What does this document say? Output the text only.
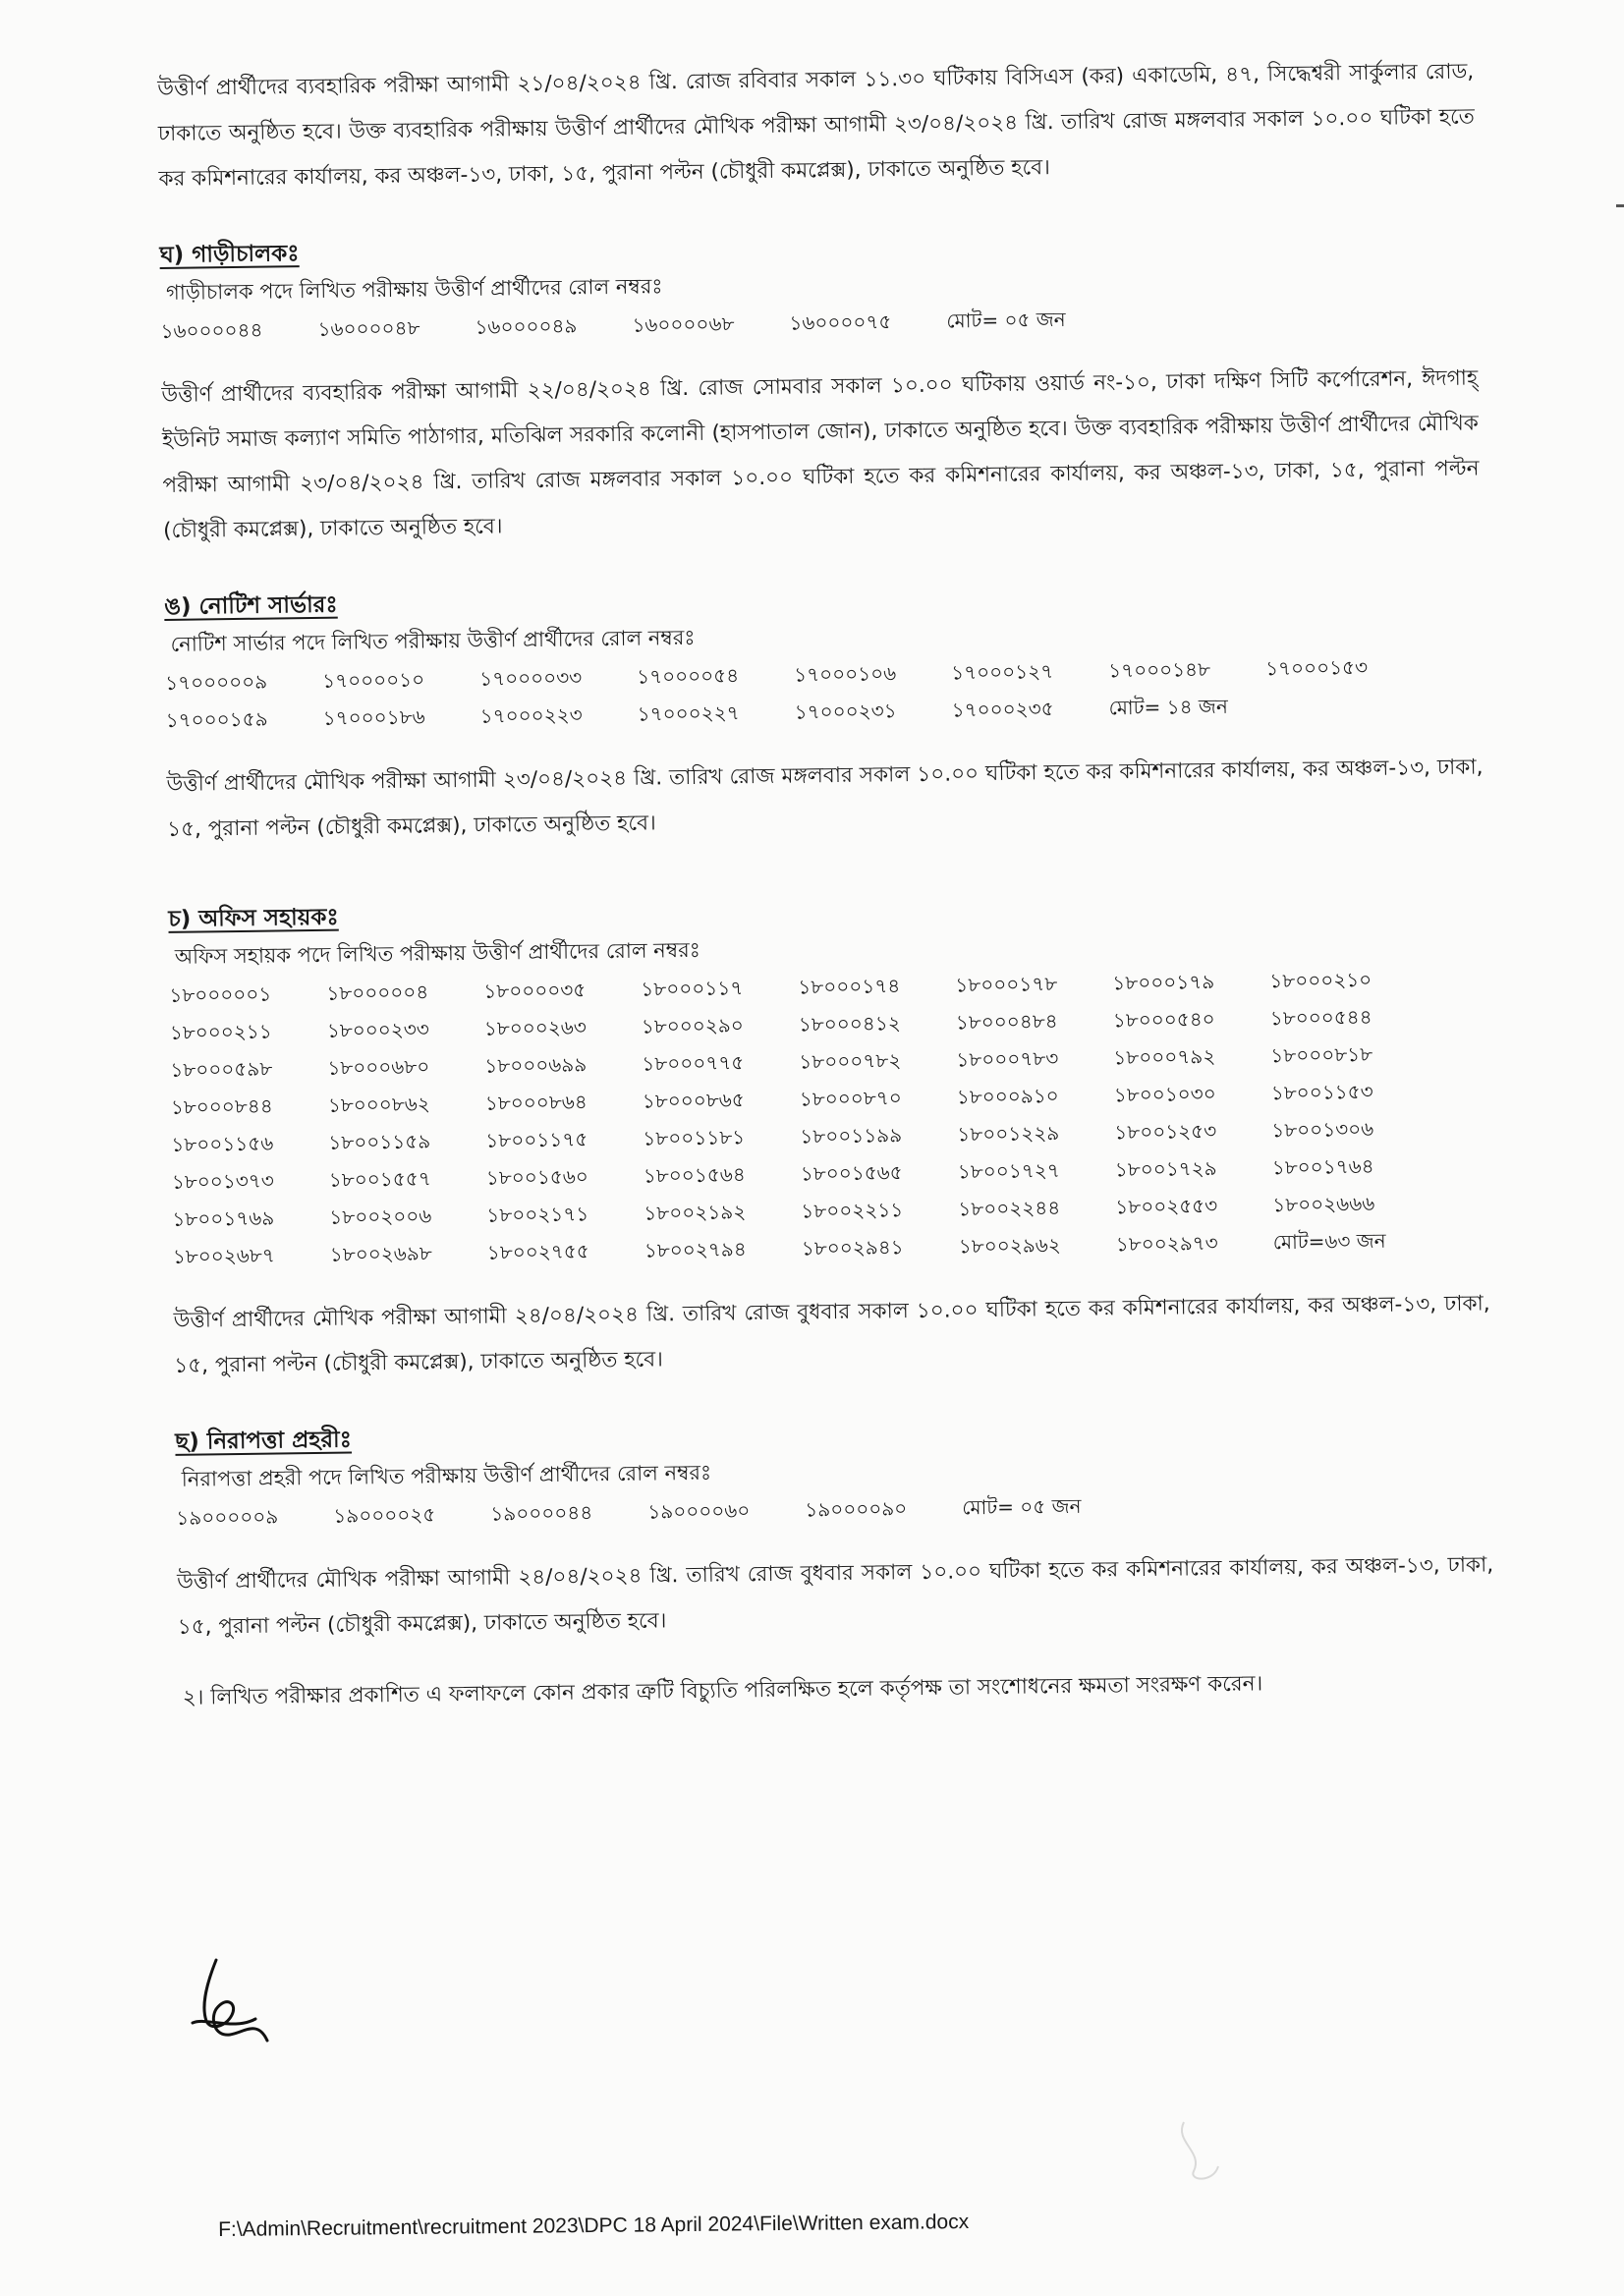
উত্তীর্ণ প্রার্থীদের ব্যবহারিক পরীক্ষা আগামী ২১/০৪/২০২৪ খ্রি. রোজ রবিবার সকাল ১১.৩০ ঘটিকায় বিসিএস (কর) একাডেমি, ৪৭, সিদ্ধেশ্বরী সার্কুলার রোড, ঢাকাতে অনুষ্ঠিত হবে। উক্ত ব্যবহারিক পরীক্ষায় উত্তীর্ণ প্রার্থীদের মৌখিক পরীক্ষা আগামী ২৩/০৪/২০২৪ খ্রি. তারিখ রোজ মঙ্গলবার সকাল ১০.০০ ঘটিকা হতে কর কমিশনারের কার্যালয়, কর অঞ্চল-১৩, ঢাকা, ১৫, পুরানা পল্টন (চৌধুরী কমপ্লেক্স), ঢাকাতে অনুষ্ঠিত হবে।

ঘ) গাড়ীচালকঃ

গাড়ীচালক পদে লিখিত পরীক্ষায় উত্তীর্ণ প্রার্থীদের রোল নম্বরঃ

১৬০০০০৪৪	১৬০০০০৪৮	১৬০০০০৪৯	১৬০০০০৬৮	১৬০০০০৭৫	মোট= ০৫ জন

উত্তীর্ণ প্রার্থীদের ব্যবহারিক পরীক্ষা আগামী ২২/০৪/২০২৪ খ্রি. রোজ সোমবার সকাল ১০.০০ ঘটিকায় ওয়ার্ড নং-১০, ঢাকা দক্ষিণ সিটি কর্পোরেশন, ঈদগাহ্ ইউনিট সমাজ কল্যাণ সমিতি পাঠাগার, মতিঝিল সরকারি কলোনী (হাসপাতাল জোন), ঢাকাতে অনুষ্ঠিত হবে। উক্ত ব্যবহারিক পরীক্ষায় উত্তীর্ণ প্রার্থীদের মৌখিক পরীক্ষা আগামী ২৩/০৪/২০২৪ খ্রি. তারিখ রোজ মঙ্গলবার সকাল ১০.০০ ঘটিকা হতে কর কমিশনারের কার্যালয়, কর অঞ্চল-১৩, ঢাকা, ১৫, পুরানা পল্টন (চৌধুরী কমপ্লেক্স), ঢাকাতে অনুষ্ঠিত হবে।

ঙ) নোটিশ সার্ভারঃ

নোটিশ সার্ভার পদে লিখিত পরীক্ষায় উত্তীর্ণ প্রার্থীদের রোল নম্বরঃ

১৭০০০০০৯	১৭০০০০১০	১৭০০০০৩৩	১৭০০০০৫৪	১৭০০০১০৬	১৭০০০১২৭	১৭০০০১৪৮	১৭০০০১৫৩
১৭০০০১৫৯	১৭০০০১৮৬	১৭০০০২২৩	১৭০০০২২৭	১৭০০০২৩১	১৭০০০২৩৫	মোট= ১৪ জন

উত্তীর্ণ প্রার্থীদের মৌখিক পরীক্ষা আগামী ২৩/০৪/২০২৪ খ্রি. তারিখ রোজ মঙ্গলবার সকাল ১০.০০ ঘটিকা হতে কর কমিশনারের কার্যালয়, কর অঞ্চল-১৩, ঢাকা, ১৫, পুরানা পল্টন (চৌধুরী কমপ্লেক্স), ঢাকাতে অনুষ্ঠিত হবে।

চ) অফিস সহায়কঃ

অফিস সহায়ক পদে লিখিত পরীক্ষায় উত্তীর্ণ প্রার্থীদের রোল নম্বরঃ

১৮০০০০০১	১৮০০০০০৪	১৮০০০০৩৫	১৮০০০১১৭	১৮০০০১৭৪	১৮০০০১৭৮	১৮০০০১৭৯	১৮০০০২১০
১৮০০০২১১	১৮০০০২৩৩	১৮০০০২৬৩	১৮০০০২৯০	১৮০০০৪১২	১৮০০০৪৮৪	১৮০০০৫৪০	১৮০০০৫৪৪
১৮০০০৫৯৮	১৮০০০৬৮০	১৮০০০৬৯৯	১৮০০০৭৭৫	১৮০০০৭৮২	১৮০০০৭৮৩	১৮০০০৭৯২	১৮০০০৮১৮
১৮০০০৮৪৪	১৮০০০৮৬২	১৮০০০৮৬৪	১৮০০০৮৬৫	১৮০০০৮৭০	১৮০০০৯১০	১৮০০১০৩০	১৮০০১১৫৩
১৮০০১১৫৬	১৮০০১১৫৯	১৮০০১১৭৫	১৮০০১১৮১	১৮০০১১৯৯	১৮০০১২২৯	১৮০০১২৫৩	১৮০০১৩০৬
১৮০০১৩৭৩	১৮০০১৫৫৭	১৮০০১৫৬০	১৮০০১৫৬৪	১৮০০১৫৬৫	১৮০০১৭২৭	১৮০০১৭২৯	১৮০০১৭৬৪
১৮০০১৭৬৯	১৮০০২০০৬	১৮০০২১৭১	১৮০০২১৯২	১৮০০২২১১	১৮০০২২৪৪	১৮০০২৫৫৩	১৮০০২৬৬৬
১৮০০২৬৮৭	১৮০০২৬৯৮	১৮০০২৭৫৫	১৮০০২৭৯৪	১৮০০২৯৪১	১৮০০২৯৬২	১৮০০২৯৭৩	মোট=৬৩ জন

উত্তীর্ণ প্রার্থীদের মৌখিক পরীক্ষা আগামী ২৪/০৪/২০২৪ খ্রি. তারিখ রোজ বুধবার সকাল ১০.০০ ঘটিকা হতে কর কমিশনারের কার্যালয়, কর অঞ্চল-১৩, ঢাকা, ১৫, পুরানা পল্টন (চৌধুরী কমপ্লেক্স), ঢাকাতে অনুষ্ঠিত হবে।

ছ) নিরাপত্তা প্রহরীঃ

নিরাপত্তা প্রহরী পদে লিখিত পরীক্ষায় উত্তীর্ণ প্রার্থীদের রোল নম্বরঃ

১৯০০০০০৯	১৯০০০০২৫	১৯০০০০৪৪	১৯০০০০৬০	১৯০০০০৯০	মোট= ০৫ জন

উত্তীর্ণ প্রার্থীদের মৌখিক পরীক্ষা আগামী ২৪/০৪/২০২৪ খ্রি. তারিখ রোজ বুধবার সকাল ১০.০০ ঘটিকা হতে কর কমিশনারের কার্যালয়, কর অঞ্চল-১৩, ঢাকা, ১৫, পুরানা পল্টন (চৌধুরী কমপ্লেক্স), ঢাকাতে অনুষ্ঠিত হবে।

২। লিখিত পরীক্ষার প্রকাশিত এ ফলাফলে কোন প্রকার ত্রুটি বিচ্যুতি পরিলক্ষিত হলে কর্তৃপক্ষ তা সংশোধনের ক্ষমতা সংরক্ষণ করেন।

F:\Admin\Recruitment\recruitment 2023\DPC 18 April 2024\File\Written exam.docx
